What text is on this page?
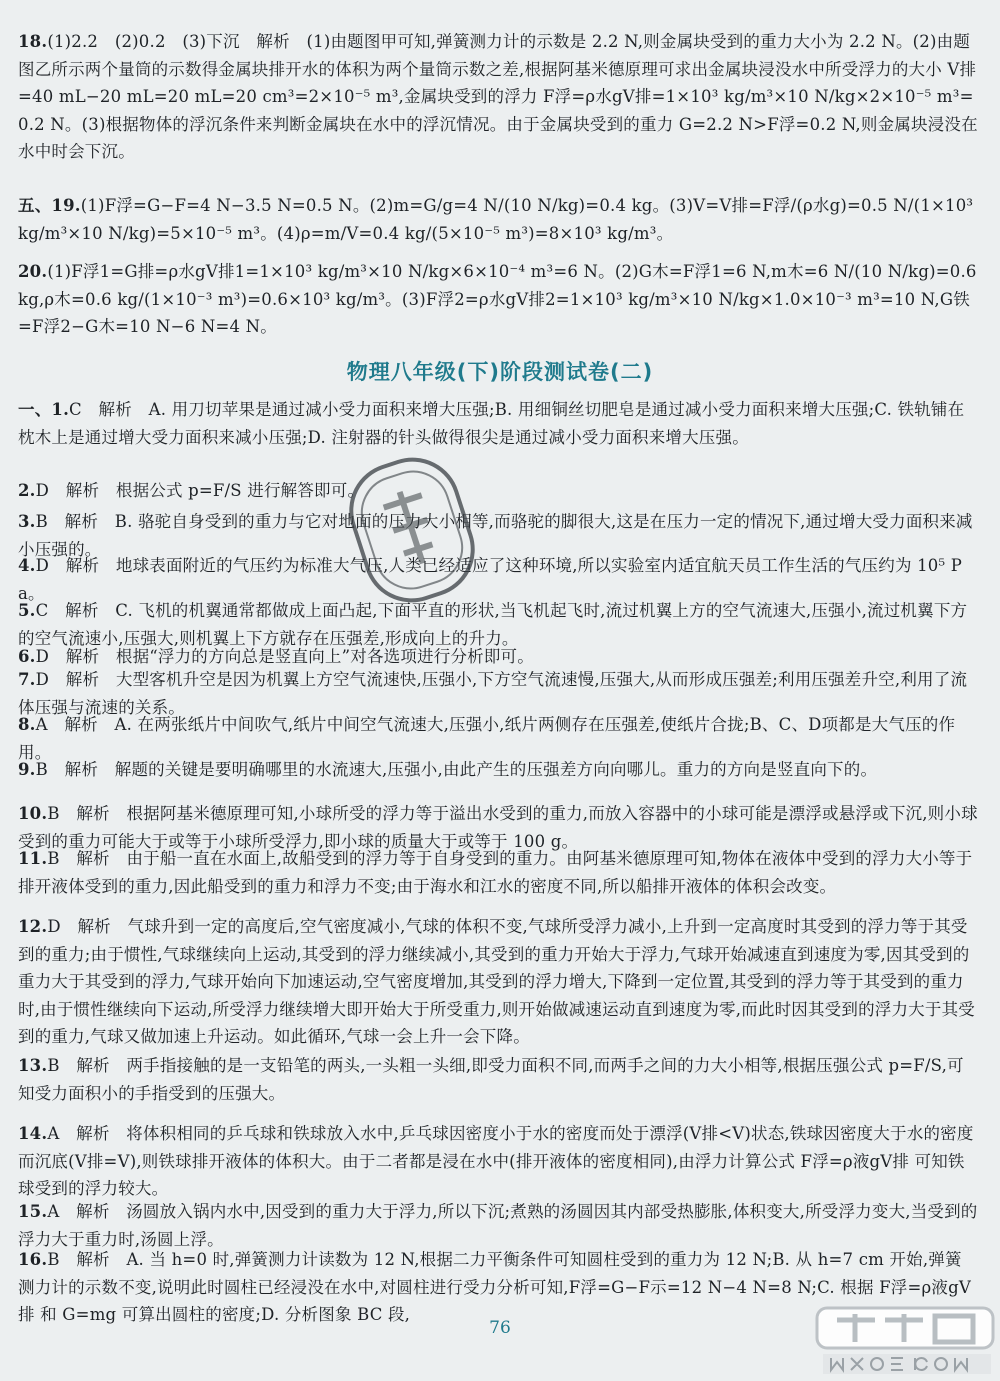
18.(1)2.2　(2)0.2　(3)下沉　解析　(1)由题图甲可知,弹簧测力计的示数是 2.2 N,则金属块受到的重力大小为 2.2 N。(2)由题图乙所示两个量筒的示数得金属块排开水的体积为两个量筒示数之差,根据阿基米德原理可求出金属块浸没水中所受浮力的大小 V排=40 mL−20 mL=20 mL=20 cm³=2×10⁻⁵ m³,金属块受到的浮力 F浮=ρ水gV排=1×10³ kg/m³×10 N/kg×2×10⁻⁵ m³=0.2 N。(3)根据物体的浮沉条件来判断金属块在水中的浮沉情况。由于金属块受到的重力 G=2.2 N>F浮=0.2 N,则金属块浸没在水中时会下沉。
五、19.(1)F浮=G−F=4 N−3.5 N=0.5 N。(2)m=G/g=4 N/(10 N/kg)=0.4 kg。(3)V=V排=F浮/(ρ水g)=0.5 N/(1×10³ kg/m³×10 N/kg)=5×10⁻⁵ m³。(4)ρ=m/V=0.4 kg/(5×10⁻⁵ m³)=8×10³ kg/m³。
20.(1)F浮1=G排=ρ水gV排1=1×10³ kg/m³×10 N/kg×6×10⁻⁴ m³=6 N。(2)G木=F浮1=6 N,m木=6 N/(10 N/kg)=0.6 kg,ρ木=0.6 kg/(1×10⁻³ m³)=0.6×10³ kg/m³。(3)F浮2=ρ水gV排2=1×10³ kg/m³×10 N/kg×1.0×10⁻³ m³=10 N,G铁=F浮2−G木=10 N−6 N=4 N。
物理八年级(下)阶段测试卷(二)
一、1.C　解析　A. 用刀切苹果是通过减小受力面积来增大压强;B. 用细铜丝切肥皂是通过减小受力面积来增大压强;C. 铁轨铺在枕木上是通过增大受力面积来减小压强;D. 注射器的针头做得很尖是通过减小受力面积来增大压强。
2.D　解析　根据公式 p=F/S 进行解答即可。
3.B　解析　B. 骆驼自身受到的重力与它对地面的压力大小相等,而骆驼的脚很大,这是在压力一定的情况下,通过增大受力面积来减小压强的。
4.D　解析　地球表面附近的气压约为标准大气压,人类已经适应了这种环境,所以实验室内适宜航天员工作生活的气压约为 10⁵ Pa。
5.C　解析　C. 飞机的机翼通常都做成上面凸起,下面平直的形状,当飞机起飞时,流过机翼上方的空气流速大,压强小,流过机翼下方的空气流速小,压强大,则机翼上下方就存在压强差,形成向上的升力。
6.D　解析　根据“浮力的方向总是竖直向上”对各选项进行分析即可。
7.D　解析　大型客机升空是因为机翼上方空气流速快,压强小,下方空气流速慢,压强大,从而形成压强差;利用压强差升空,利用了流体压强与流速的关系。
8.A　解析　A. 在两张纸片中间吹气,纸片中间空气流速大,压强小,纸片两侧存在压强差,使纸片合拢;B、C、D项都是大气压的作用。
9.B　解析　解题的关键是要明确哪里的水流速大,压强小,由此产生的压强差方向向哪儿。重力的方向是竖直向下的。
10.B　解析　根据阿基米德原理可知,小球所受的浮力等于溢出水受到的重力,而放入容器中的小球可能是漂浮或悬浮或下沉,则小球受到的重力可能大于或等于小球所受浮力,即小球的质量大于或等于 100 g。
11.B　解析　由于船一直在水面上,故船受到的浮力等于自身受到的重力。由阿基米德原理可知,物体在液体中受到的浮力大小等于排开液体受到的重力,因此船受到的重力和浮力不变;由于海水和江水的密度不同,所以船排开液体的体积会改变。
12.D　解析　气球升到一定的高度后,空气密度减小,气球的体积不变,气球所受浮力减小,上升到一定高度时其受到的浮力等于其受到的重力;由于惯性,气球继续向上运动,其受到的浮力继续减小,其受到的重力开始大于浮力,气球开始减速直到速度为零,因其受到的重力大于其受到的浮力,气球开始向下加速运动,空气密度增加,其受到的浮力增大,下降到一定位置,其受到的浮力等于其受到的重力时,由于惯性继续向下运动,所受浮力继续增大即开始大于所受重力,则开始做减速运动直到速度为零,而此时因其受到的浮力大于其受到的重力,气球又做加速上升运动。如此循环,气球一会上升一会下降。
13.B　解析　两手指接触的是一支铅笔的两头,一头粗一头细,即受力面积不同,而两手之间的力大小相等,根据压强公式 p=F/S,可知受力面积小的手指受到的压强大。
14.A　解析　将体积相同的乒乓球和铁球放入水中,乒乓球因密度小于水的密度而处于漂浮(V排<V)状态,铁球因密度大于水的密度而沉底(V排=V),则铁球排开液体的体积大。由于二者都是浸在水中(排开液体的密度相同),由浮力计算公式 F浮=ρ液gV排 可知铁球受到的浮力较大。
15.A　解析　汤圆放入锅内水中,因受到的重力大于浮力,所以下沉;煮熟的汤圆因其内部受热膨胀,体积变大,所受浮力变大,当受到的浮力大于重力时,汤圆上浮。
16.B　解析　A. 当 h=0 时,弹簧测力计读数为 12 N,根据二力平衡条件可知圆柱受到的重力为 12 N;B. 从 h=7 cm 开始,弹簧测力计的示数不变,说明此时圆柱已经浸没在水中,对圆柱进行受力分析可知,F浮=G−F示=12 N−4 N=8 N;C. 根据 F浮=ρ液gV排 和 G=mg 可算出圆柱的密度;D. 分析图象 BC 段,
76
